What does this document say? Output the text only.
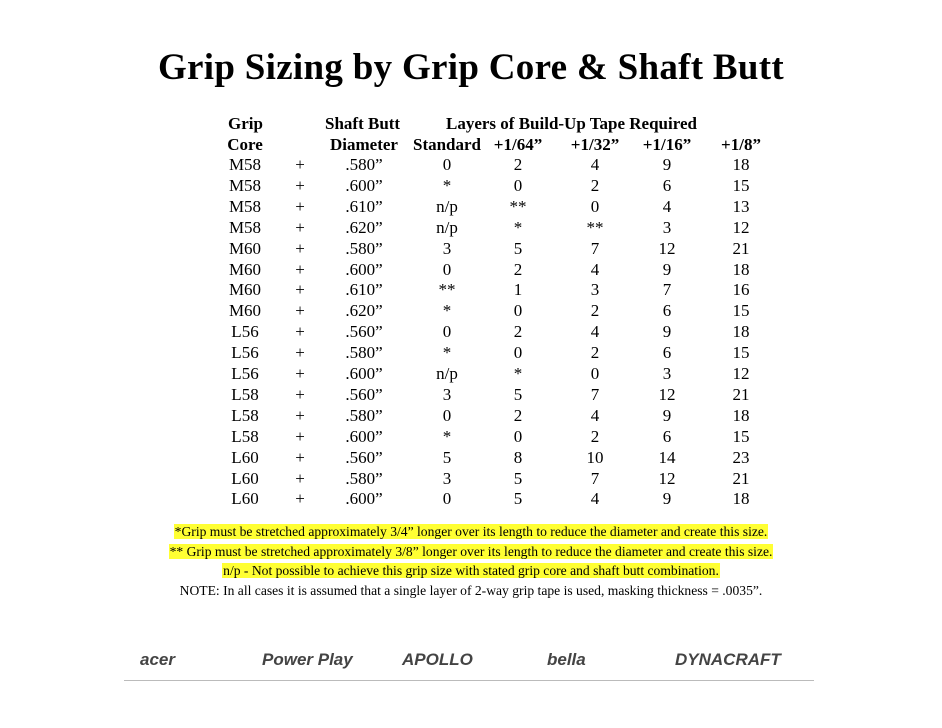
Grip Sizing by Grip Core & Shaft Butt
Grip	Shaft Butt	Layers of Build-Up Tape Required
Core	Diameter Standard +1/64” +1/32” +1/16” +1/8”
M58 + .580”	0	2	4	9	18
M58 + .600”	*	0	2	6	15
M58 + .610”	n/p	**	0	4	13
M58 + .620”	n/p	*	**	3	12
M60 + .580”	3	5	7	12	21
M60 + .600”	0	2	4	9	18
M60 + .610”	**	1	3	7	16
M60 + .620”	*	0	2	6	15
L56 + .560”	0	2	4	9	18
L56 + .580”	*	0	2	6	15
L56 + .600”	n/p	*	0	3	12
L58 + .560”	3	5	7	12	21
L58 + .580”	0	2	4	9	18
L58 + .600”	*	0	2	6	15
L60 + .560”	5	8	10	14	23
L60 + .580”	3	5	7	12	21
L60 + .600”	0	5	4	9	18
*Grip must be stretched approximately 3/4” longer over its length to reduce the diameter and create this size.
** Grip must be stretched approximately 3/8” longer over its length to reduce the diameter and create this size.
n/p - Not possible to achieve this grip size with stated grip core and shaft butt combination.
NOTE: In all cases it is assumed that a single layer of 2-way grip tape is used, masking thickness = .0035”.
acer	Power Play	APOLLO	bella	DYNACRAFT
